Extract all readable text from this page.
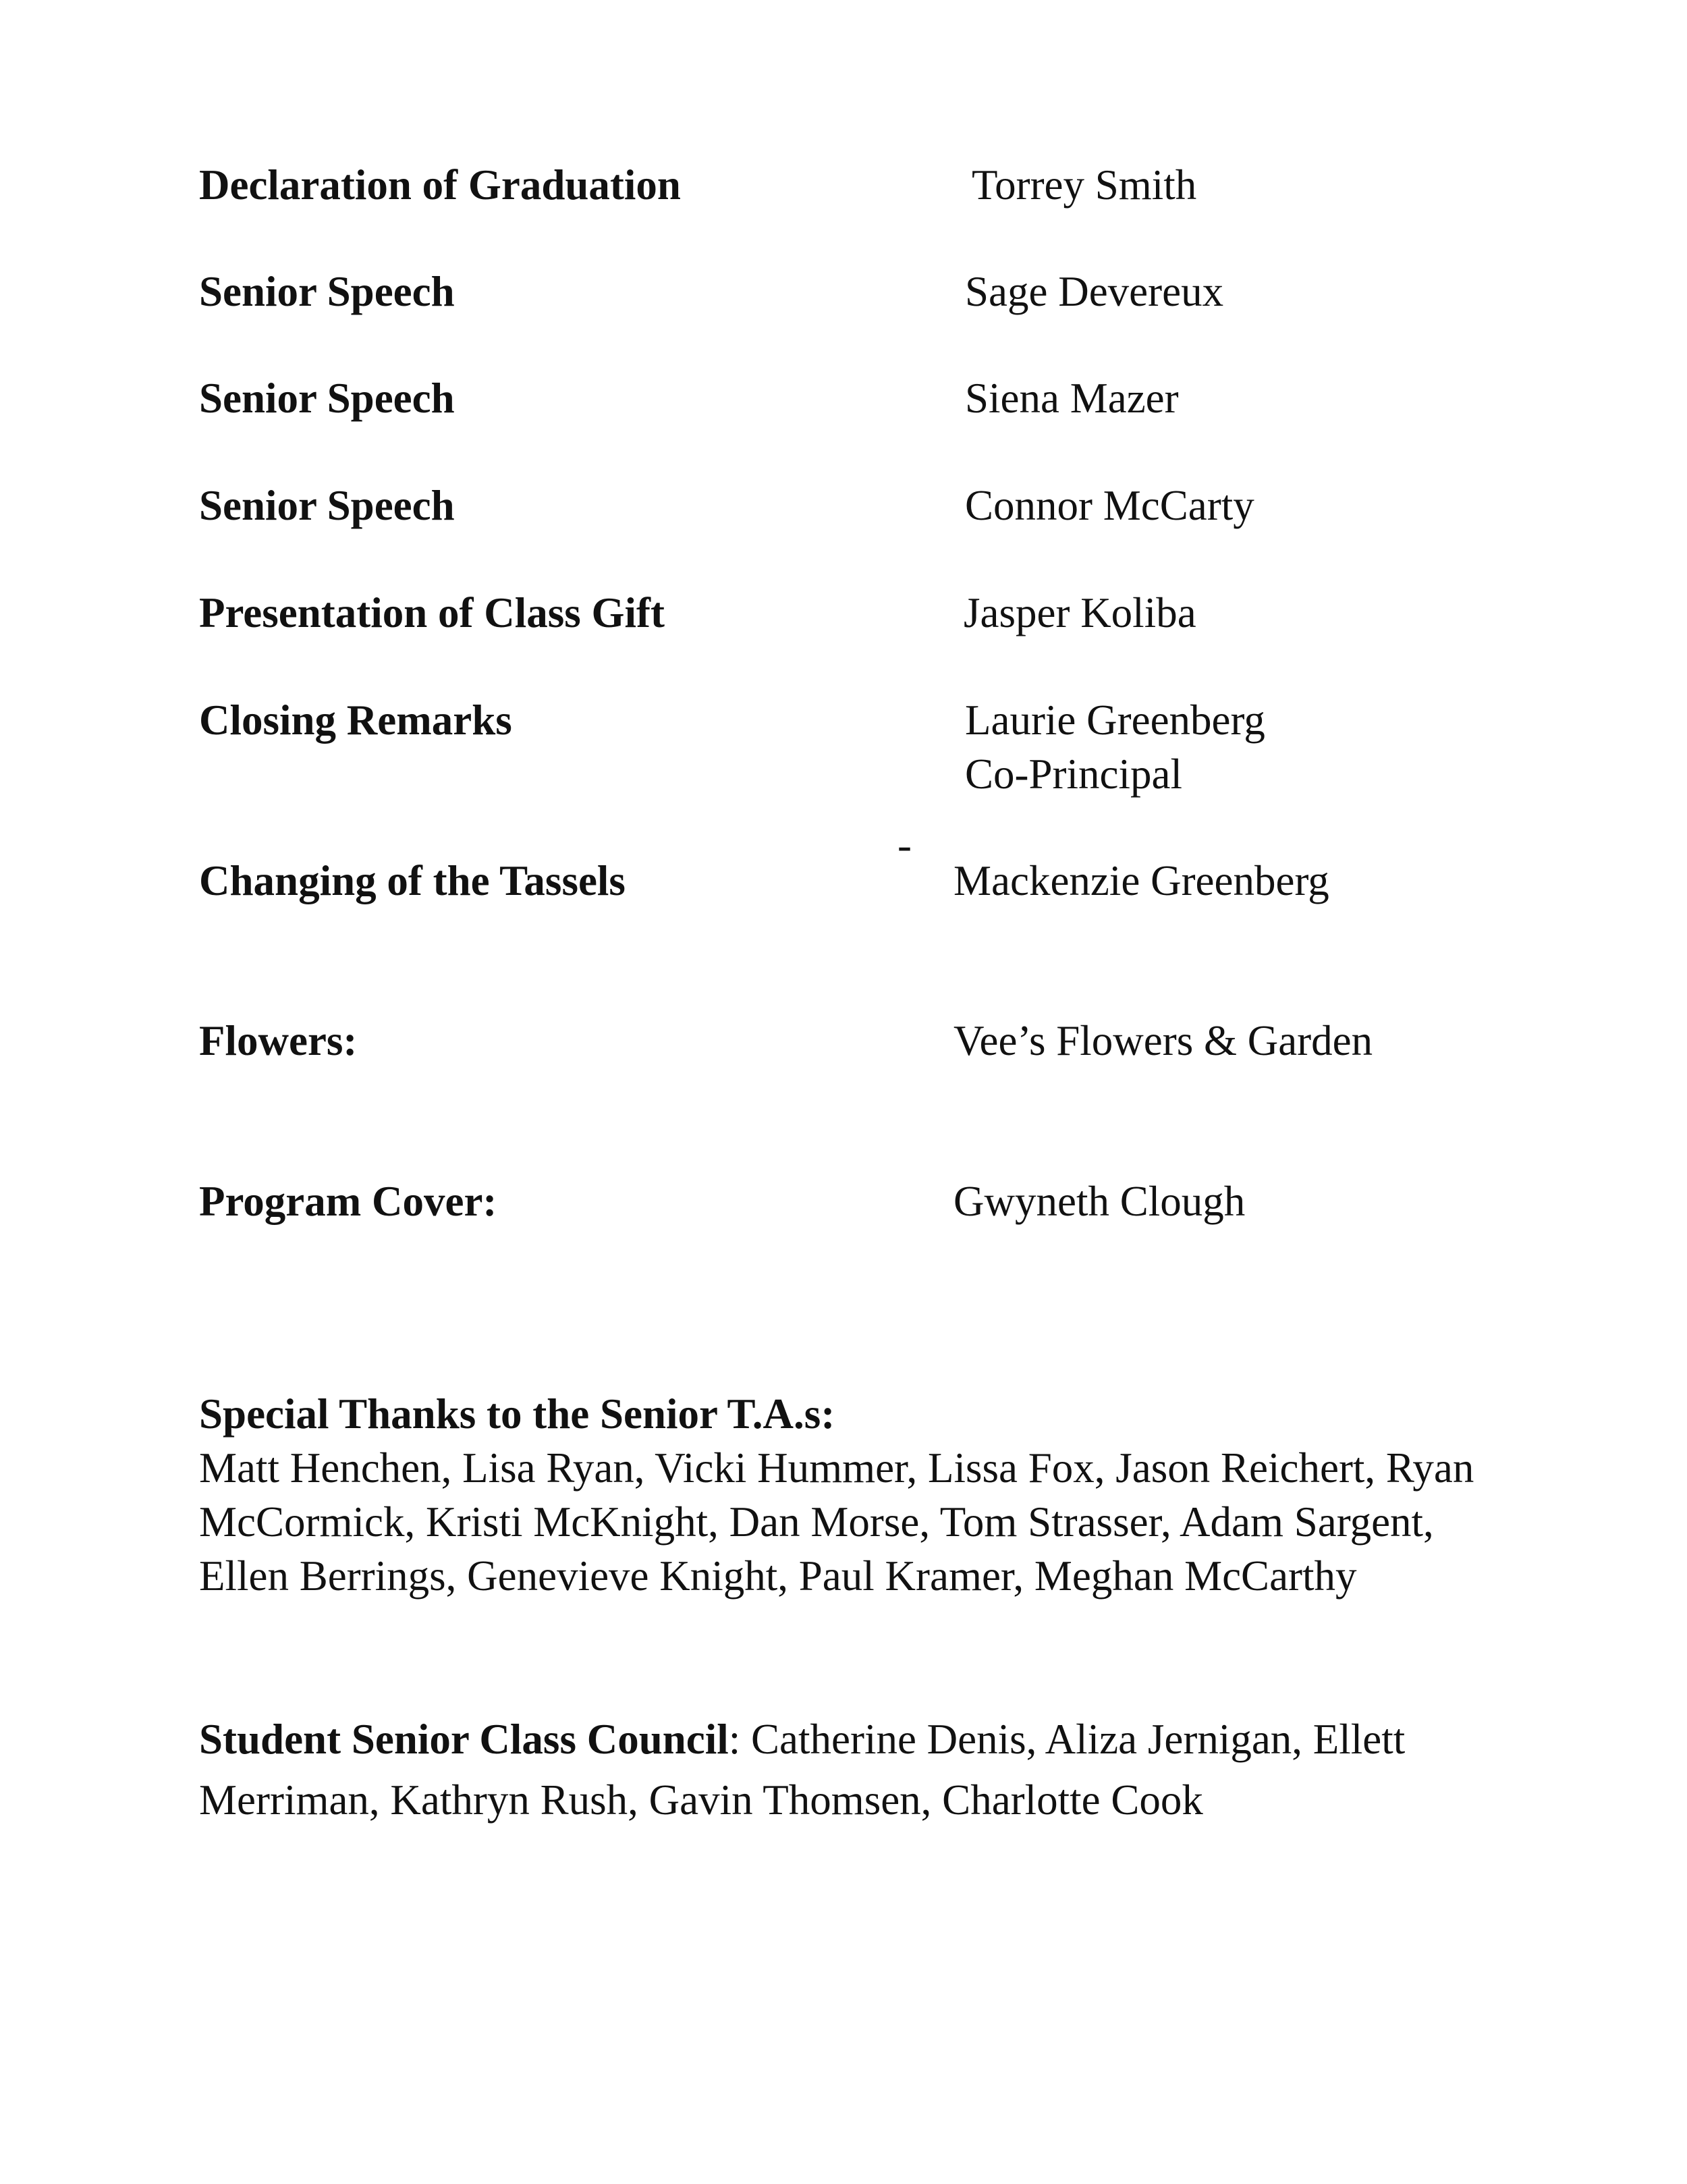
Declaration of Graduation	Torrey Smith
Senior Speech	Sage Devereux
Senior Speech	Siena Mazer
Senior Speech	Connor McCarty
Presentation of Class Gift	Jasper Koliba
Closing Remarks	Laurie Greenberg
Co-Principal
-
Changing of the Tassels	Mackenzie Greenberg
Flowers:	Vee’s Flowers & Garden
Program Cover:	Gwyneth Clough
Special Thanks to the Senior T.A.s:
Matt Henchen, Lisa Ryan, Vicki Hummer, Lissa Fox, Jason Reichert, Ryan McCormick, Kristi McKnight, Dan Morse, Tom Strasser, Adam Sargent, Ellen Berrings, Genevieve Knight, Paul Kramer, Meghan McCarthy
Student Senior Class Council: Catherine Denis, Aliza Jernigan, Ellett Merriman, Kathryn Rush, Gavin Thomsen, Charlotte Cook
